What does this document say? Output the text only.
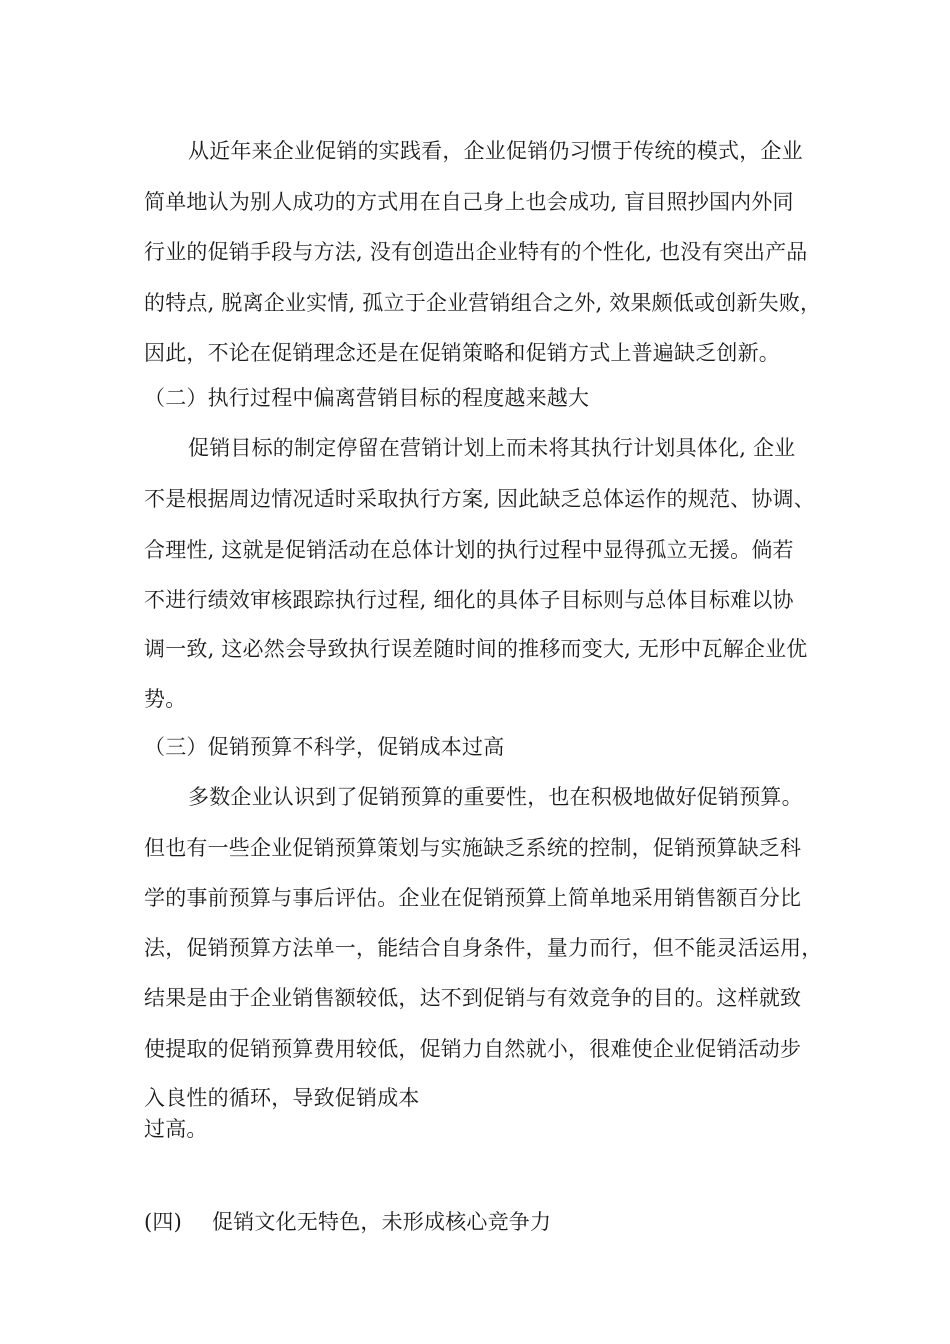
从近年来企业促销的实践看，企业促销仍习惯于传统的模式，企业
简单地认为别人成功的方式用在自己身上也会成功, 盲目照抄国内外同
行业的促销手段与方法, 没有创造出企业特有的个性化, 也没有突出产品
的特点, 脱离企业实情, 孤立于企业营销组合之外, 效果颇低或创新失败，
因此，不论在促销理念还是在促销策略和促销方式上普遍缺乏创新。
（二）执行过程中偏离营销目标的程度越来越大
促销目标的制定停留在营销计划上而未将其执行计划具体化, 企业
不是根据周边情况适时采取执行方案, 因此缺乏总体运作的规范、协调、
合理性, 这就是促销活动在总体计划的执行过程中显得孤立无援。倘若
不进行绩效审核跟踪执行过程, 细化的具体子目标则与总体目标难以协
调一致, 这必然会导致执行误差随时间的推移而变大, 无形中瓦解企业优
势。
（三）促销预算不科学，促销成本过高
多数企业认识到了促销预算的重要性，也在积极地做好促销预算。
但也有一些企业促销预算策划与实施缺乏系统的控制，促销预算缺乏科
学的事前预算与事后评估。企业在促销预算上简单地采用销售额百分比
法，促销预算方法单一，能结合自身条件，量力而行，但不能灵活运用，
结果是由于企业销售额较低，达不到促销与有效竞争的目的。这样就致
使提取的促销预算费用较低，促销力自然就小，很难使企业促销活动步
入良性的循环，导致促销成本
过高。
(四) 促销文化无特色，未形成核心竞争力
